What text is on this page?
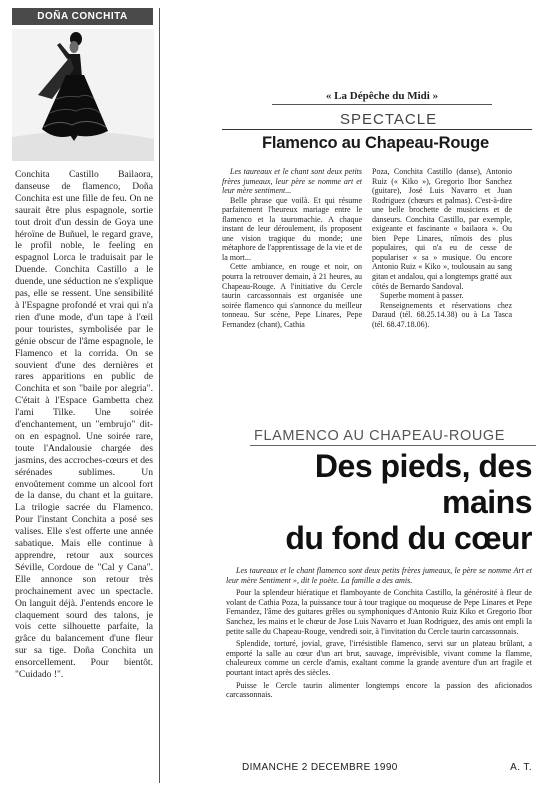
DOÑA CONCHITA
Conchita Castillo Bailaora, danseuse de flamenco, Doña Conchita est une fille de feu. On ne saurait être plus espagnole, sortie tout droit d'un dessin de Goya une héroïne de Buñuel, le regard grave, le profil noble, le feeling en espagnol Lorca le traduisait par le Duende. Conchita Castillo a le duende, une séduction ne s'explique pas, elle se ressent. Une sensibilité à l'Espagne profondé et vrai qui n'a rien d'une mode, d'un tape à l'œil pour touristes, symbolisée par le génie obscur de l'âme espagnole, le Flamenco et la corrida. On se souvient d'une des dernières et rares apparitions en public de Conchita et son "baile por alegria". C'était à l'Espace Gambetta chez l'ami Tilke. Une soirée d'enchantement, un "embrujo" dit-on en espagnol. Une soirée rare, toute l'Andalousie chargée des jasmins, des accroches-cœurs et des sérénades sublimes. Un envoûtement comme un alcool fort de la danse, du chant et la guitare. La trilogie sacrée du Flamenco. Pour l'instant Conchita a posé ses valises. Elle s'est offerte une année sabatique. Mais elle continue à apprendre, retour aux sources Séville, Cordoue de "Cal y Cana". Elle annonce son retour très prochainement avec un spectacle. On languit déjà. J'entends encore le claquement sourd des talons, je vois cette silhouette parfaite, la grâce du balancement d'une fleur sur sa tige. Doña Conchita un ensorcellement. Pour bientôt. "Cuidado !".
« La Dépêche du Midi »
SPECTACLE
Flamenco au Chapeau-Rouge

Les taureaux et le chant sont deux petits frères jumeaux, leur père se nomme art et leur mère sentiment...

Belle phrase que voilà. Et qui résume parfaitement l'heureux mariage entre le flamenco et la tauromachie. A chaque instant de leur déroulement, ils proposent une vision tragique du monde; une métaphore de l'apprentissage de la vie et de la mort...

Cette ambiance, en rouge et noir, on pourra la retrouver demain, à 21 heures, au Chapeau-Rouge. A l'initiative du Cercle taurin carcassonnais est organisée une soirée flamenco qui s'annonce du meilleur tonneau. Sur scène, Pepe Linares, Pepe Fernandez (chant), Cathia

Poza, Conchita Castillo (danse), Antonio Ruiz (« Kiko »), Gregorio Ibor Sanchez (guitare), José Luis Navarro et Juan Rodriguez (chœurs et palmas). C'est-à-dire une belle brochette de musiciens et de danseurs. Conchita Castillo, par exemple, exigeante et fascinante « bailaora ». Ou bien Pepe Linares, nîmois des plus populaires, qui n'a eu de cesse de populariser « sa » musique. Ou encore Antonio Ruiz « Kiko », toulousain au sang gitan et andalou, qui a longtemps gratté aux côtés de Bernardo Sandoval.

Superbe moment à passer.

Renseignements et réservations chez Daraud (tél. 68.25.14.38) ou à La Tasca (tél. 68.47.18.06).

FLAMENCO AU CHAPEAU-ROUGE
Des pieds, des mains
du fond du cœur

Les taureaux et le chant flamenco sont deux petits frères jumeaux, le père se nomme Art et leur mère Sentiment », dit le poète. La famille a des amis.

Pour la splendeur hiératique et flamboyante de Conchita Castillo, la générosité à fleur de volant de Cathia Poza, la puissance tour à tour tragique ou moqueuse de Pepe Linares et Pepe Fernandez, l'âme des guitares grêles ou symphoniques d'Antonio Ruiz Kiko et Gregorio Ibor Sanchez, les mains et le chœur de Jose Luis Navarro et Juan Rodriguez, des amis ont empli la petite salle du Chapeau-Rouge, vendredi soir, à l'invitation du Cercle taurin carcassonnais.

Splendide, torturé, jovial, grave, l'irrésistible flamenco, servi sur un plateau brûlant, a emporté la salle au cœur d'un art brut, sauvage, imprévisible, vivant comme la flamme, chaleureux comme un cercle d'amis, exaltant comme la grande aventure d'un art fragile et pourtant intact après des siècles.

Puisse le Cercle taurin alimenter longtemps encore la passion des aficionados carcassonnais.

DIMANCHE 2 DECEMBRE 1990	A. T.
